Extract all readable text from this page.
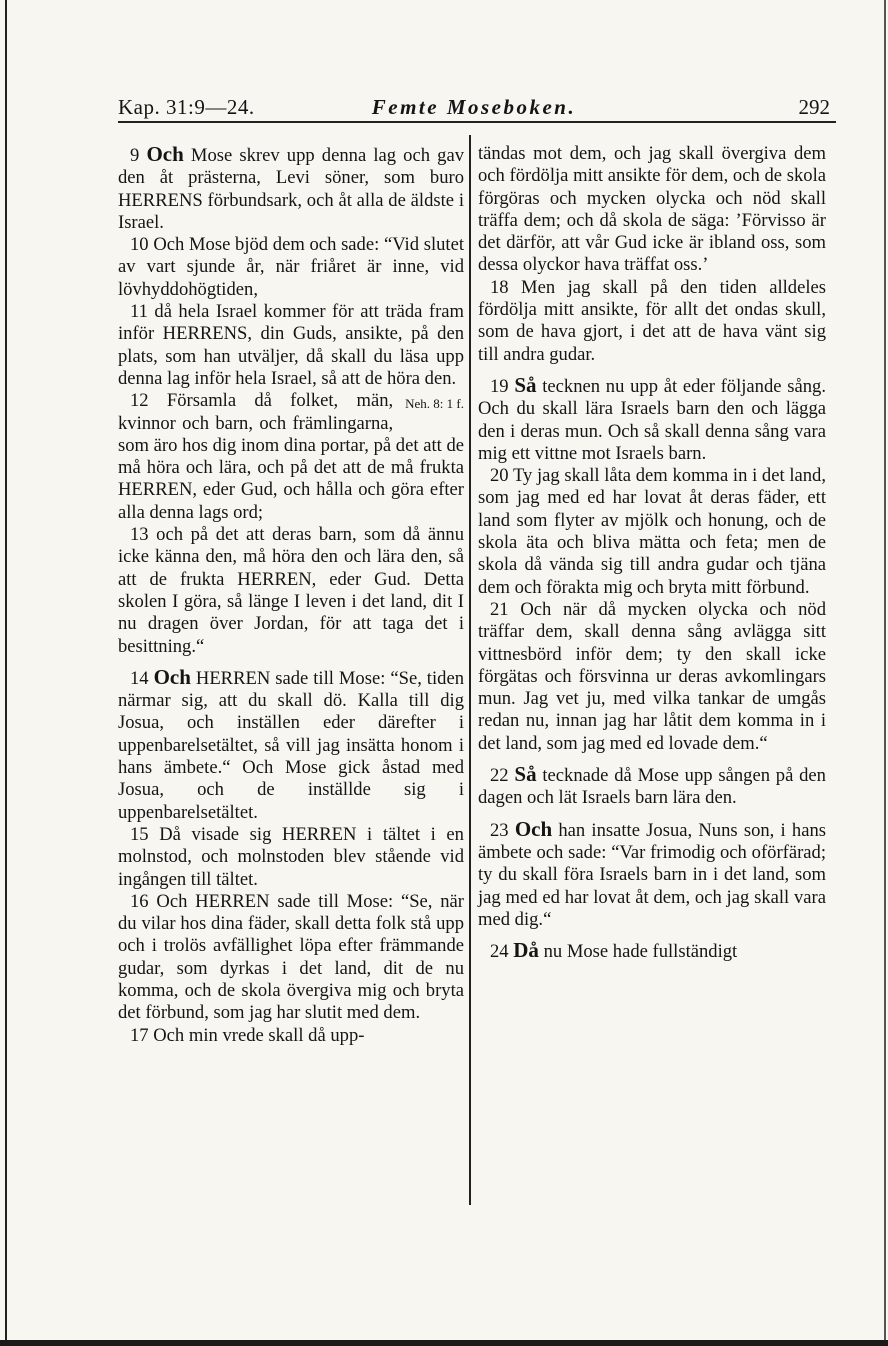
Kap. 31:9—24.	Femte Moseboken.	292

9 Och Mose skrev upp denna lag och gav den åt prästerna, Levi söner, som buro HERRENS förbundsark, och åt alla de äldste i Israel.

10 Och Mose bjöd dem och sade: “Vid slutet av vart sjunde år, när friåret är inne, vid lövhyddohögtiden,

11 då hela Israel kommer för att träda fram inför HERRENS, din Guds, ansikte, på den plats, som han utväljer, då skall du läsa upp denna lag inför hela Israel, så att de höra den.
Neh. 8: 1 f.

12 Församla då folket, män, kvinnor och barn, och främlingarna, som äro hos dig inom dina portar, på det att de må höra och lära, och på det att de må frukta HERREN, eder Gud, och hålla och göra efter alla denna lags ord;

13 och på det att deras barn, som då ännu icke känna den, må höra den och lära den, så att de frukta HERREN, eder Gud. Detta skolen I göra, så länge I leven i det land, dit I nu dragen över Jordan, för att taga det i besittning.“

14 Och HERREN sade till Mose: “Se, tiden närmar sig, att du skall dö. Kalla till dig Josua, och inställen eder därefter i uppenbarelsetältet, så vill jag insätta honom i hans ämbete.“ Och Mose gick åstad med Josua, och de inställde sig i uppenbarelsetältet.

15 Då visade sig HERREN i tältet i en molnstod, och molnstoden blev stående vid ingången till tältet.

16 Och HERREN sade till Mose: “Se, när du vilar hos dina fäder, skall detta folk stå upp och i trolös avfällighet löpa efter främmande gudar, som dyrkas i det land, dit de nu komma, och de skola övergiva mig och bryta det förbund, som jag har slutit med dem.

17 Och min vrede skall då upp-

tändas mot dem, och jag skall övergiva dem och fördölja mitt ansikte för dem, och de skola förgöras och mycken olycka och nöd skall träffa dem; och då skola de säga: ’Förvisso är det därför, att vår Gud icke är ibland oss, som dessa olyckor hava träffat oss.’

18 Men jag skall på den tiden alldeles fördölja mitt ansikte, för allt det ondas skull, som de hava gjort, i det att de hava vänt sig till andra gudar.

19 Så tecknen nu upp åt eder följande sång. Och du skall lära Israels barn den och lägga den i deras mun. Och så skall denna sång vara mig ett vittne mot Israels barn.

20 Ty jag skall låta dem komma in i det land, som jag med ed har lovat åt deras fäder, ett land som flyter av mjölk och honung, och de skola äta och bliva mätta och feta; men de skola då vända sig till andra gudar och tjäna dem och förakta mig och bryta mitt förbund.

21 Och när då mycken olycka och nöd träffar dem, skall denna sång avlägga sitt vittnesbörd inför dem; ty den skall icke förgätas och försvinna ur deras avkomlingars mun. Jag vet ju, med vilka tankar de umgås redan nu, innan jag har låtit dem komma in i det land, som jag med ed lovade dem.“

22 Så tecknade då Mose upp sången på den dagen och lät Israels barn lära den.

23 Och han insatte Josua, Nuns son, i hans ämbete och sade: “Var frimodig och oförfärad; ty du skall föra Israels barn in i det land, som jag med ed har lovat åt dem, och jag skall vara med dig.“

24 Då nu Mose hade fullständigt
